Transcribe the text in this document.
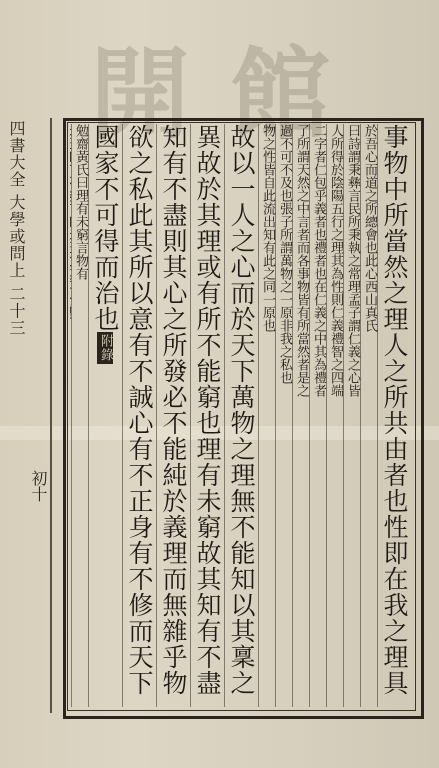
開館
四書大全 大學或問上 二十三
初十	事物中所當然之理人之所共由者也性即在我之理具
於吾心而道之所總會也此心西山真氏
曰詩謂秉彝言民所秉執之常理孟子謂仁義之心皆
人所得於陰陽五行之理其為性則仁義禮智之四端
二字者仁包乎義者也禮者也在仁義之中其為禮者
了所謂天然之中言者而各事物皆有所當然者是之
過不可不及也張子所謂萬物之一原非我之私也
物之性皆自此流出知有此之同一原也
故以一人之心而於天下萬物之理無不能知以其稟之
異故於其理或有所不能窮也理有未窮故其知有不盡
知有不盡則其心之所發必不能純於義理而無雜乎物
欲之私此其所以意有不誠心有不正身有不修而天下
國家不可得而治也附錄
勉齋黃氏曰理有未窮言物有
